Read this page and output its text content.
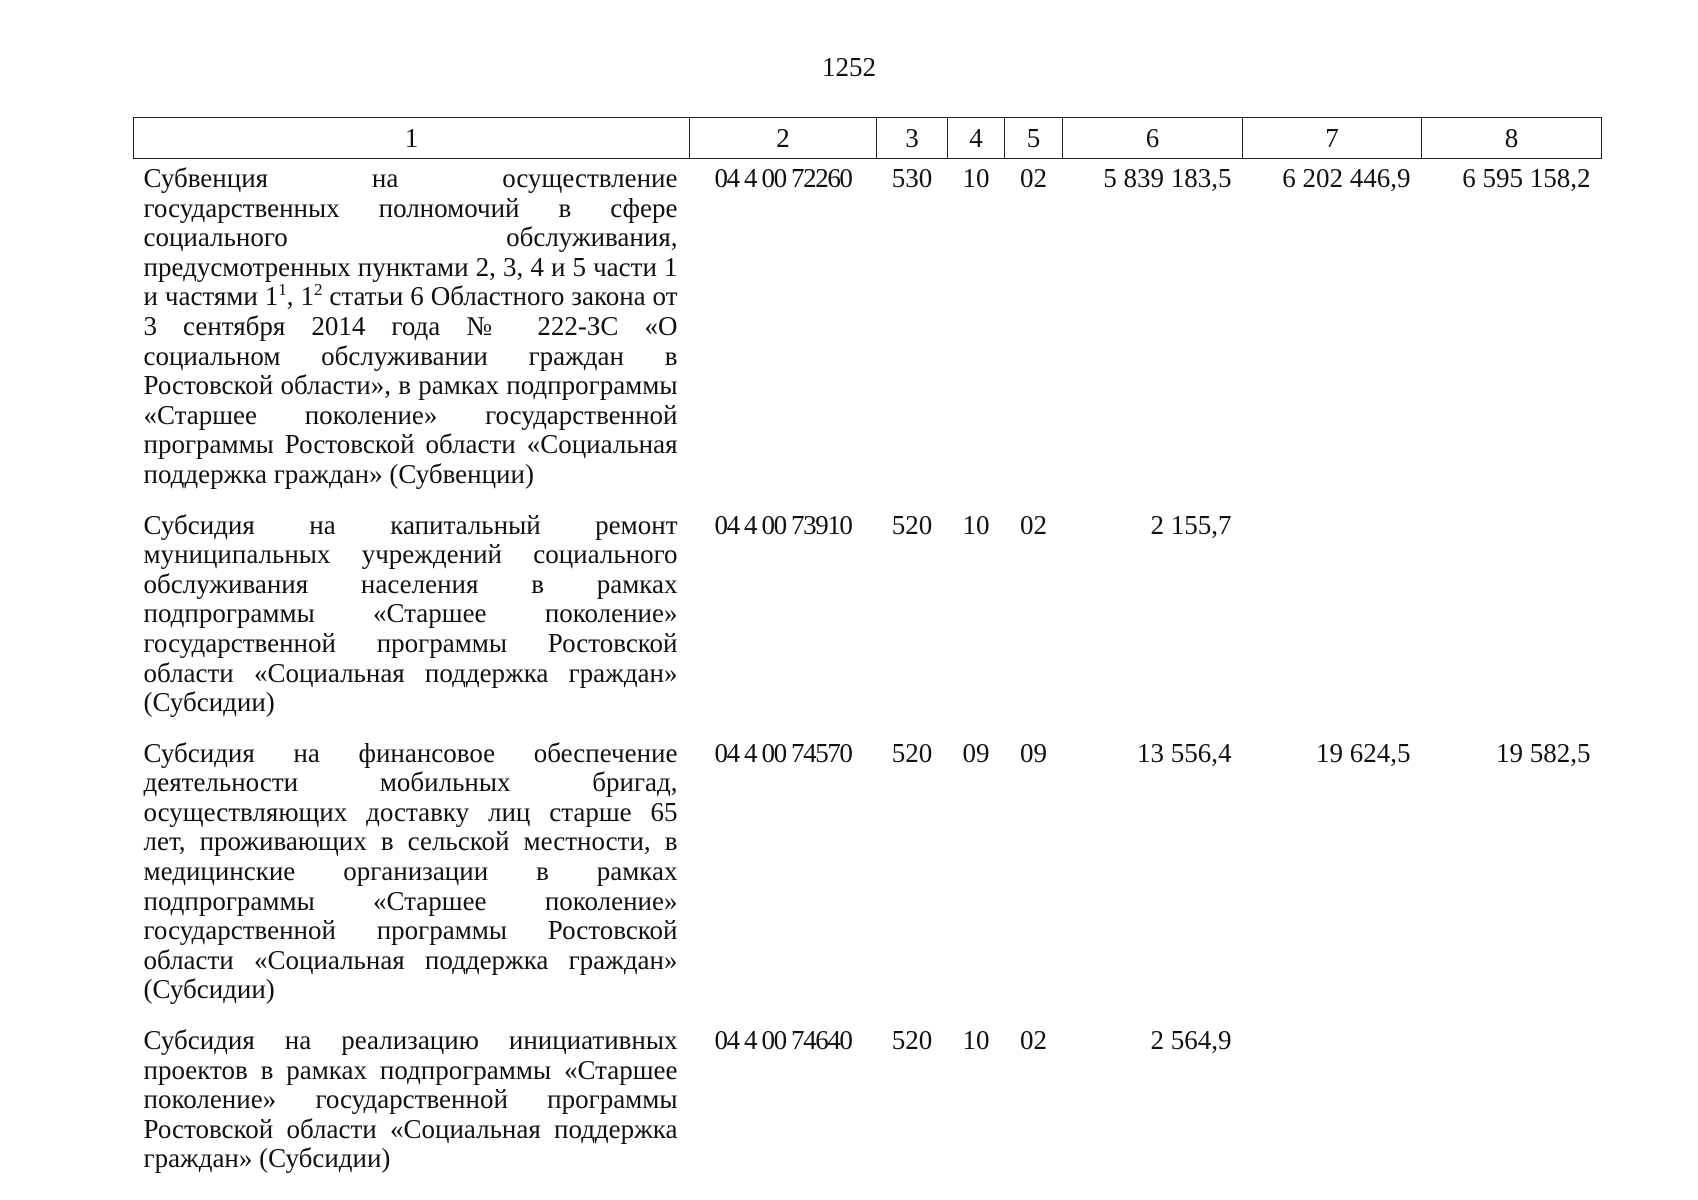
1252
1	2	3	4	5	6	7	8
Субвенция на осуществление государственных полномочий в сфере социального обслуживания, предусмотренных пунктами 2, 3, 4 и 5 части 1 и частями $1^1$, $1^2$ статьи 6 Областного закона от 3 сентября 2014 года № 222-ЗС «О социальном обслуживании граждан в Ростовской области», в рамках подпрограммы «Старшее поколение» государственной программы Ростовской области «Социальная поддержка граждан» (Субвенции)	04 4 00 72260	530	10	02	5 839 183,5	6 202 446,9	6 595 158,2
Субсидия на капитальный ремонт муниципальных учреждений социального обслуживания населения в рамках подпрограммы «Старшее поколение» государственной программы Ростовской области «Социальная поддержка граждан» (Субсидии)	04 4 00 73910	520	10	02	2 155,7		
Субсидия на финансовое обеспечение деятельности мобильных бригад, осуществляющих доставку лиц старше 65 лет, проживающих в сельской местности, в медицинские организации в рамках подпрограммы «Старшее поколение» государственной программы Ростовской области «Социальная поддержка граждан» (Субсидии)	04 4 00 74570	520	09	09	13 556,4	19 624,5	19 582,5
Субсидия на реализацию инициативных проектов в рамках подпрограммы «Старшее поколение» государственной программы Ростовской области «Социальная поддержка граждан» (Субсидии)	04 4 00 74640	520	10	02	2 564,9		
